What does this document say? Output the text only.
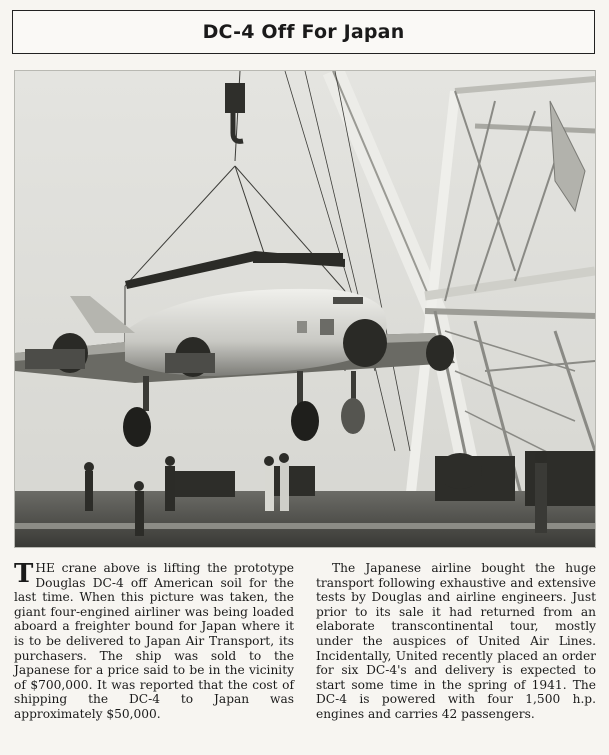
DC-4 Off For Japan
T HE crane above is lifting the prototype Douglas DC-4 off American soil for the last time. When this picture was taken, the giant four-engined airliner was being loaded aboard a freighter bound for Japan where it is to be delivered to Japan Air Transport, its purchasers. The ship was sold to the Japanese for a price said to be in the vicinity of $700,000. It was reported that the cost of shipping the DC-4 to Japan was approximately $50,000.

The Japanese airline bought the huge transport following exhaustive and extensive tests by Douglas and airline engineers. Just prior to its sale it had returned from an elaborate transcontinental tour, mostly under the auspices of United Air Lines. Incidentally, United recently placed an order for six DC-4's and delivery is expected to start some time in the spring of 1941. The DC-4 is powered with four 1,500 h.p. engines and carries 42 passengers.
